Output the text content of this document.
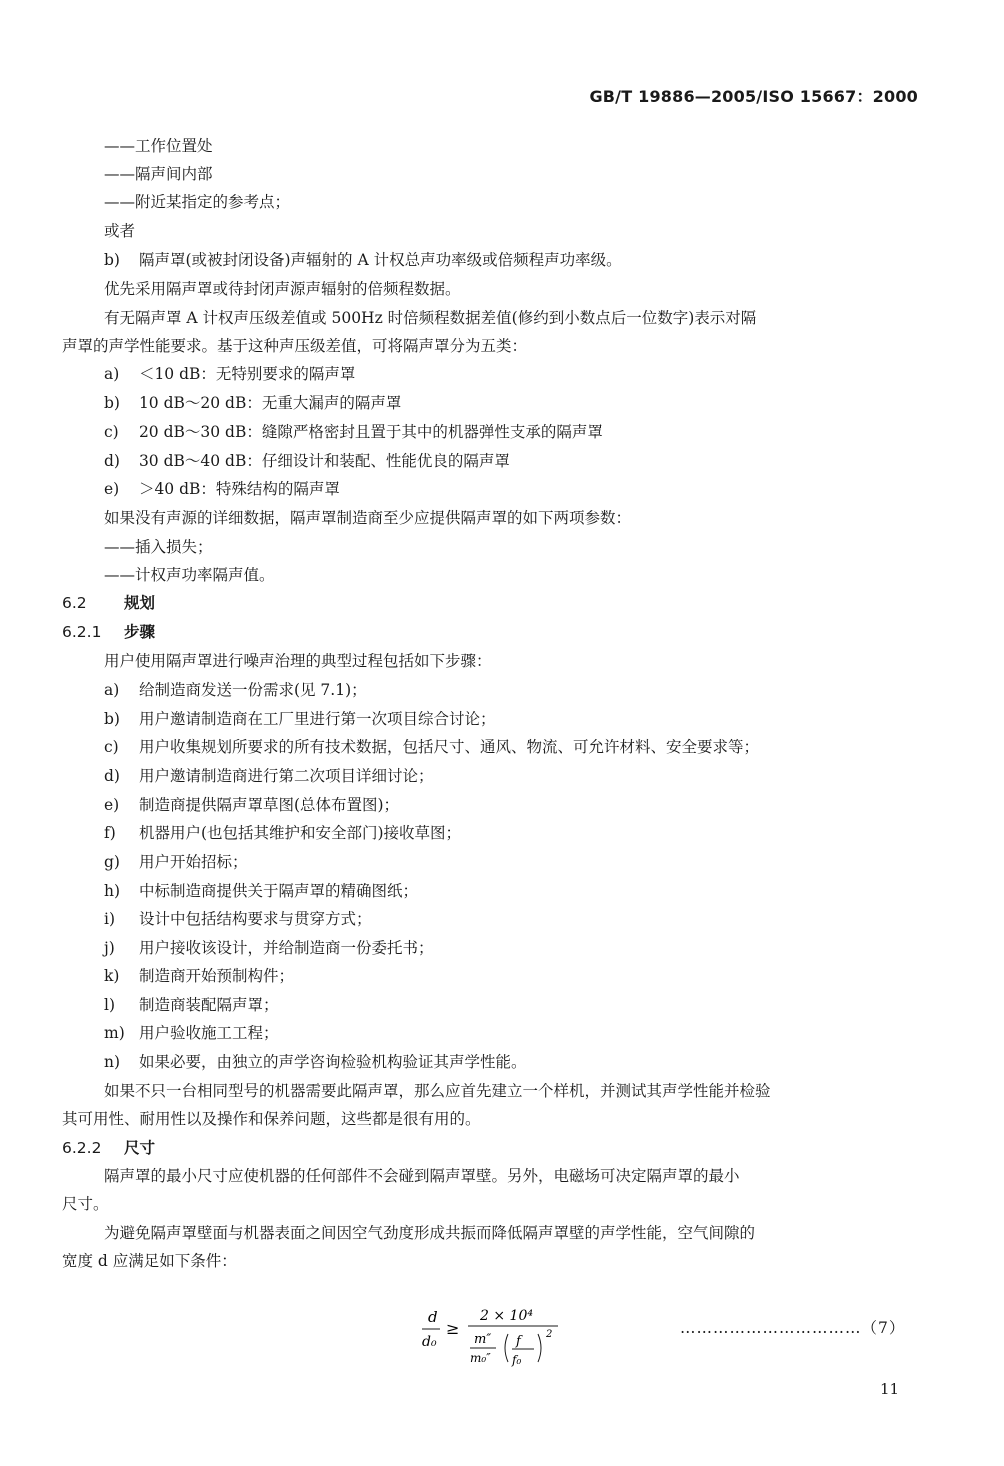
GB/T 19886—2005/ISO 15667：2000
——工作位置处
——隔声间内部
——附近某指定的参考点；
或者
b) 隔声罩(或被封闭设备)声辐射的 A 计权总声功率级或倍频程声功率级。
优先采用隔声罩或待封闭声源声辐射的倍频程数据。
有无隔声罩 A 计权声压级差值或 500Hz 时倍频程数据差值(修约到小数点后一位数字)表示对隔
声罩的声学性能要求。基于这种声压级差值，可将隔声罩分为五类：
a) ＜10 dB：无特别要求的隔声罩
b) 10 dB～20 dB：无重大漏声的隔声罩
c) 20 dB～30 dB：缝隙严格密封且置于其中的机器弹性支承的隔声罩
d) 30 dB～40 dB：仔细设计和装配、性能优良的隔声罩
e) ＞40 dB：特殊结构的隔声罩
如果没有声源的详细数据，隔声罩制造商至少应提供隔声罩的如下两项参数：
——插入损失；
——计权声功率隔声值。
6.2 规划
6.2.1 步骤
用户使用隔声罩进行噪声治理的典型过程包括如下步骤：
a) 给制造商发送一份需求(见 7.1)；
b) 用户邀请制造商在工厂里进行第一次项目综合讨论；
c) 用户收集规划所要求的所有技术数据，包括尺寸、通风、物流、可允许材料、安全要求等；
d) 用户邀请制造商进行第二次项目详细讨论；
e) 制造商提供隔声罩草图(总体布置图)；
f) 机器用户(也包括其维护和安全部门)接收草图；
g) 用户开始招标；
h) 中标制造商提供关于隔声罩的精确图纸；
i) 设计中包括结构要求与贯穿方式；
j) 用户接收该设计，并给制造商一份委托书；
k) 制造商开始预制构件；
l) 制造商装配隔声罩；
m) 用户验收施工工程；
n) 如果必要，由独立的声学咨询检验机构验证其声学性能。
如果不只一台相同型号的机器需要此隔声罩，那么应首先建立一个样机，并测试其声学性能并检验
其可用性、耐用性以及操作和保养问题，这些都是很有用的。
6.2.2 尺寸
隔声罩的最小尺寸应使机器的任何部件不会碰到隔声罩壁。另外，电磁场可决定隔声罩的最小
尺寸。
为避免隔声罩壁面与机器表面之间因空气劲度形成共振而降低隔声罩壁的声学性能，空气间隙的
宽度 d 应满足如下条件：
d
d₀
≥
2 × 10⁴
m″
m₀″
f
f₀
2	……………………………（7）
11
